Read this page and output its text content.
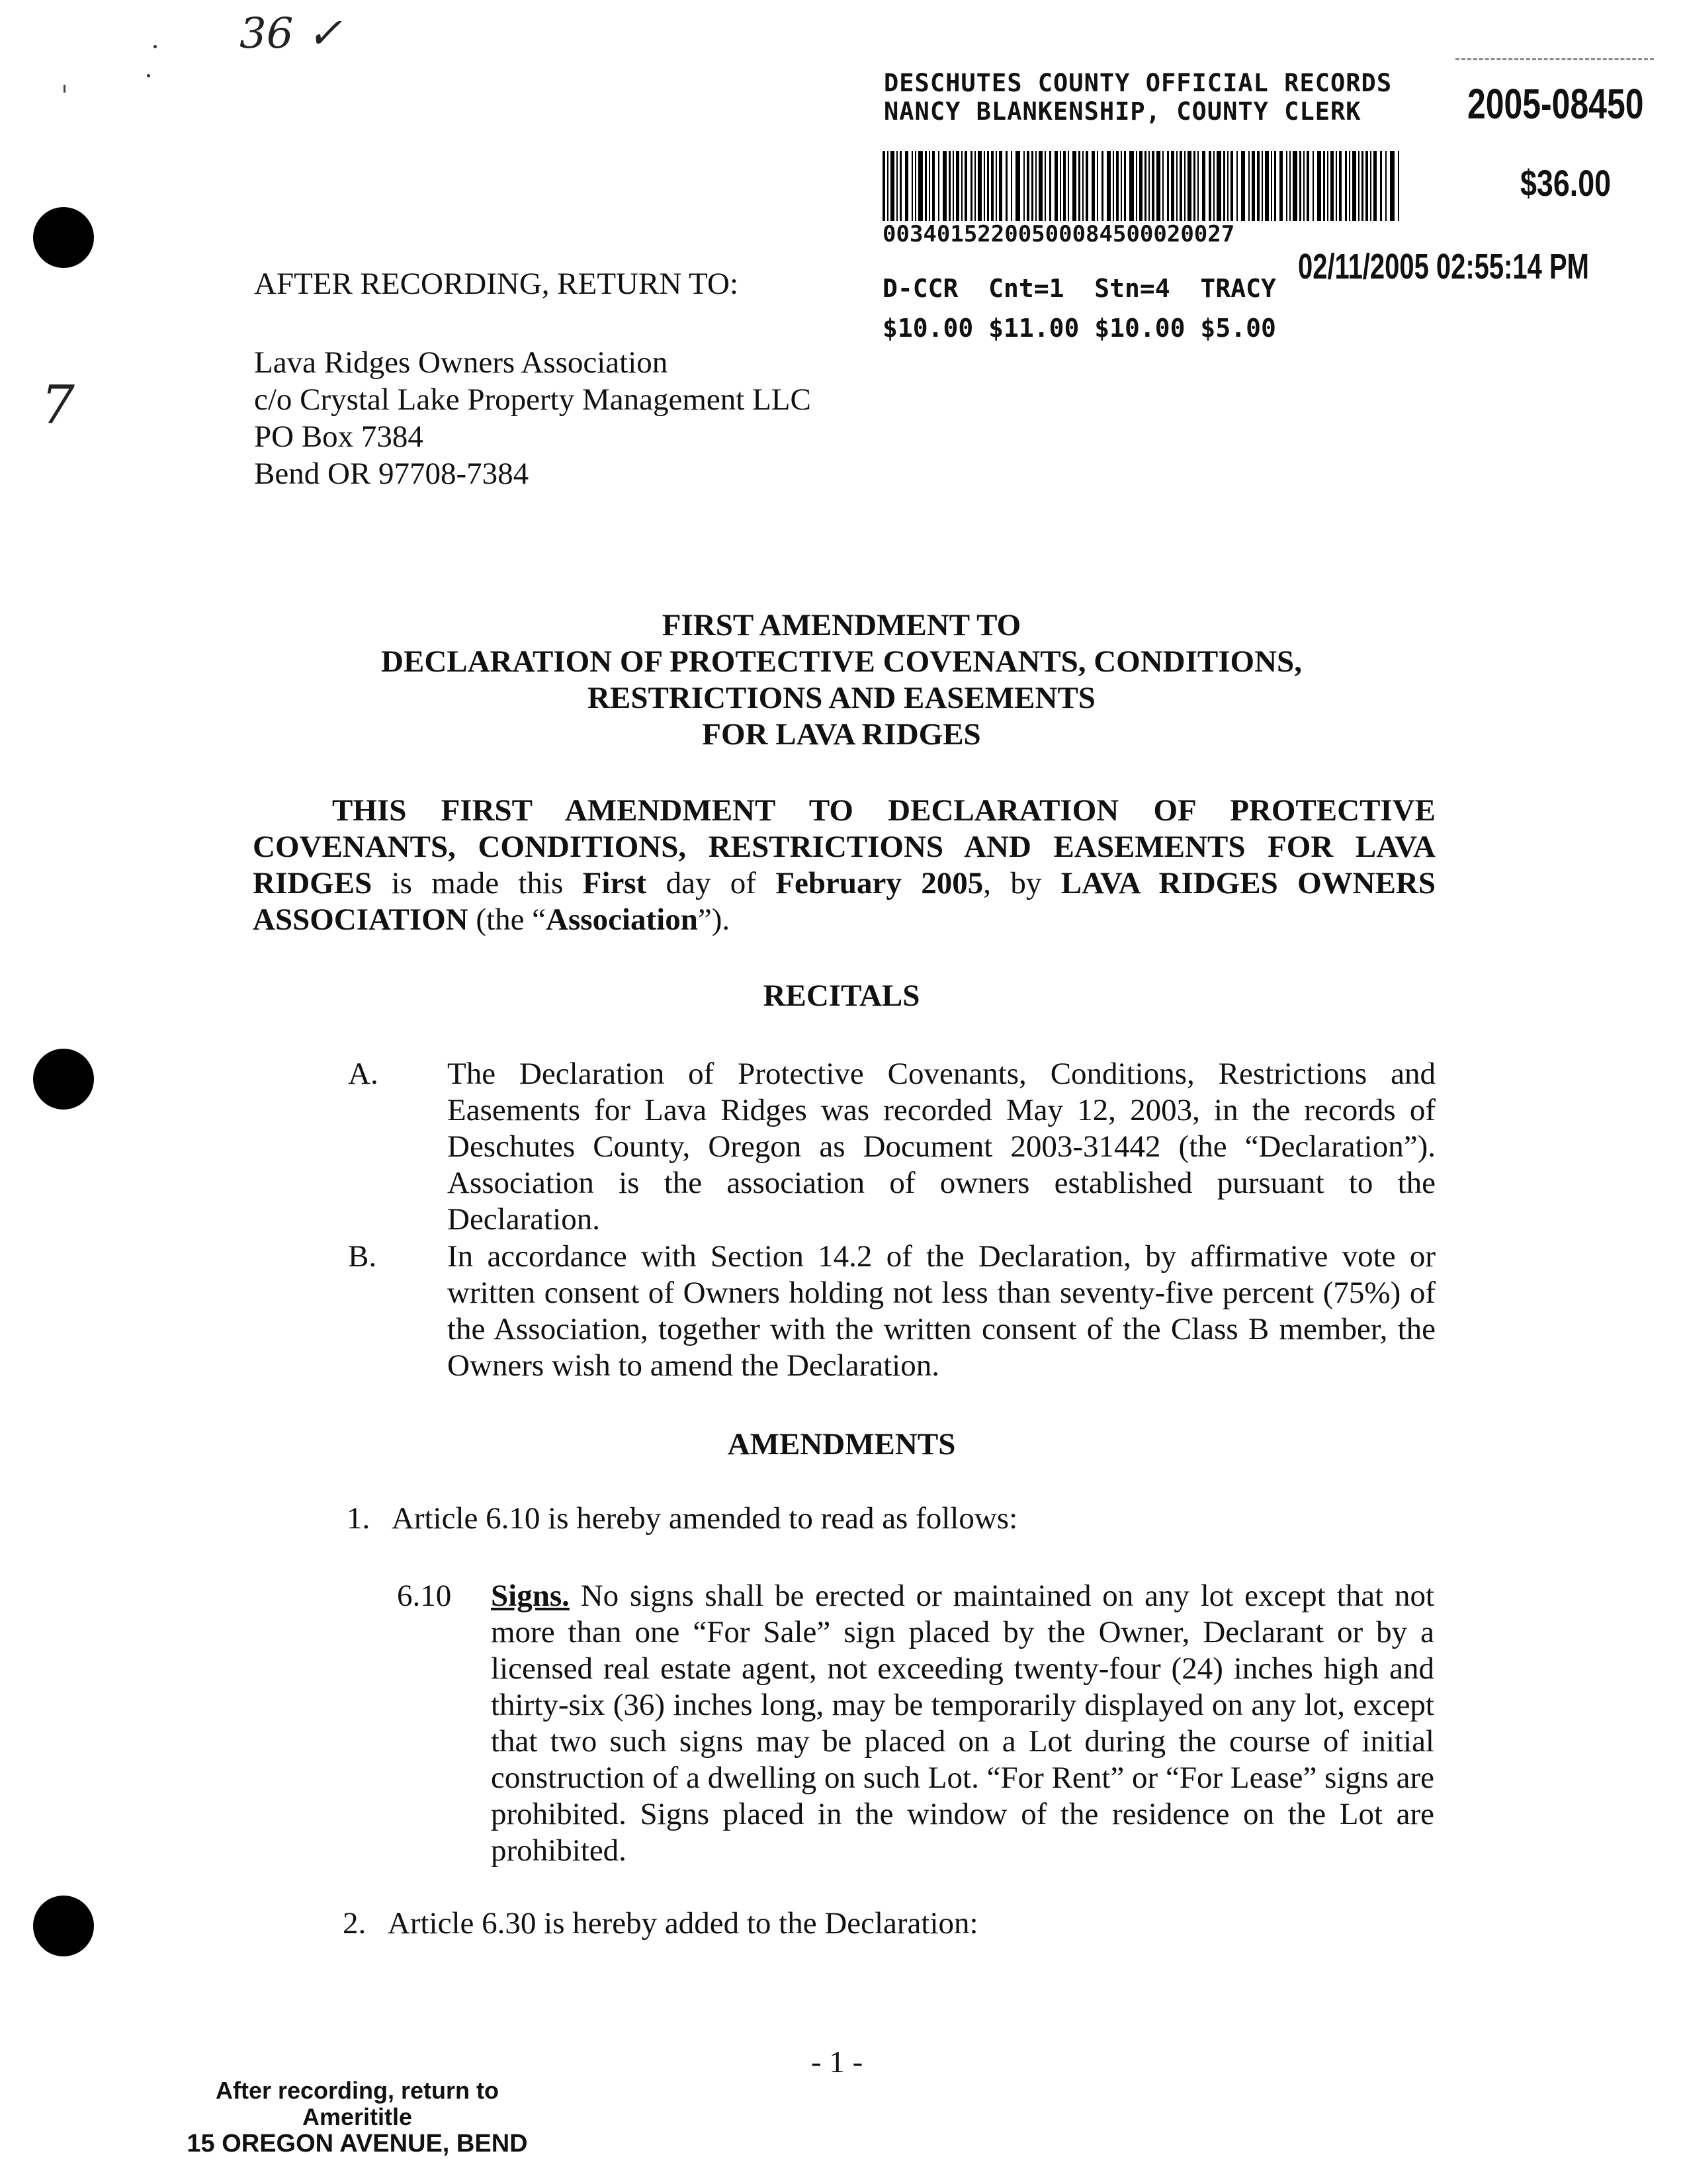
36 ✓
7
DESCHUTES COUNTY OFFICIAL RECORDS
NANCY BLANKENSHIP, COUNTY CLERK	2005-08450
$36.00
00340152200500084500020027
02/11/2005 02:55:14 PM
D-CCR  Cnt=1  Stn=4  TRACY
$10.00 $11.00 $10.00 $5.00
AFTER RECORDING, RETURN TO:
Lava Ridges Owners Association
c/o Crystal Lake Property Management LLC
PO Box 7384
Bend OR 97708-7384
FIRST AMENDMENT TO
DECLARATION OF PROTECTIVE COVENANTS, CONDITIONS,
RESTRICTIONS AND EASEMENTS
FOR LAVA RIDGES
THIS FIRST AMENDMENT TO DECLARATION OF PROTECTIVE COVENANTS, CONDITIONS, RESTRICTIONS AND EASEMENTS FOR LAVA RIDGES is made this First day of February 2005, by LAVA RIDGES OWNERS ASSOCIATION (the “Association”).
RECITALS
A. The Declaration of Protective Covenants, Conditions, Restrictions and Easements for Lava Ridges was recorded May 12, 2003, in the records of Deschutes County, Oregon as Document 2003-31442 (the “Declaration”). Association is the association of owners established pursuant to the Declaration.
B. In accordance with Section 14.2 of the Declaration, by affirmative vote or written consent of Owners holding not less than seventy-five percent (75%) of the Association, together with the written consent of the Class B member, the Owners wish to amend the Declaration.
AMENDMENTS
1.   Article 6.10 is hereby amended to read as follows:
6.10 Signs. No signs shall be erected or maintained on any lot except that not more than one “For Sale” sign placed by the Owner, Declarant or by a licensed real estate agent, not exceeding twenty-four (24) inches high and thirty-six (36) inches long, may be temporarily displayed on any lot, except that two such signs may be placed on a Lot during the course of initial construction of a dwelling on such Lot. “For Rent” or “For Lease” signs are prohibited. Signs placed in the window of the residence on the Lot are prohibited.
2.   Article 6.30 is hereby added to the Declaration:
- 1 -
After recording, return to
Amerititle
15 OREGON AVENUE, BEND
